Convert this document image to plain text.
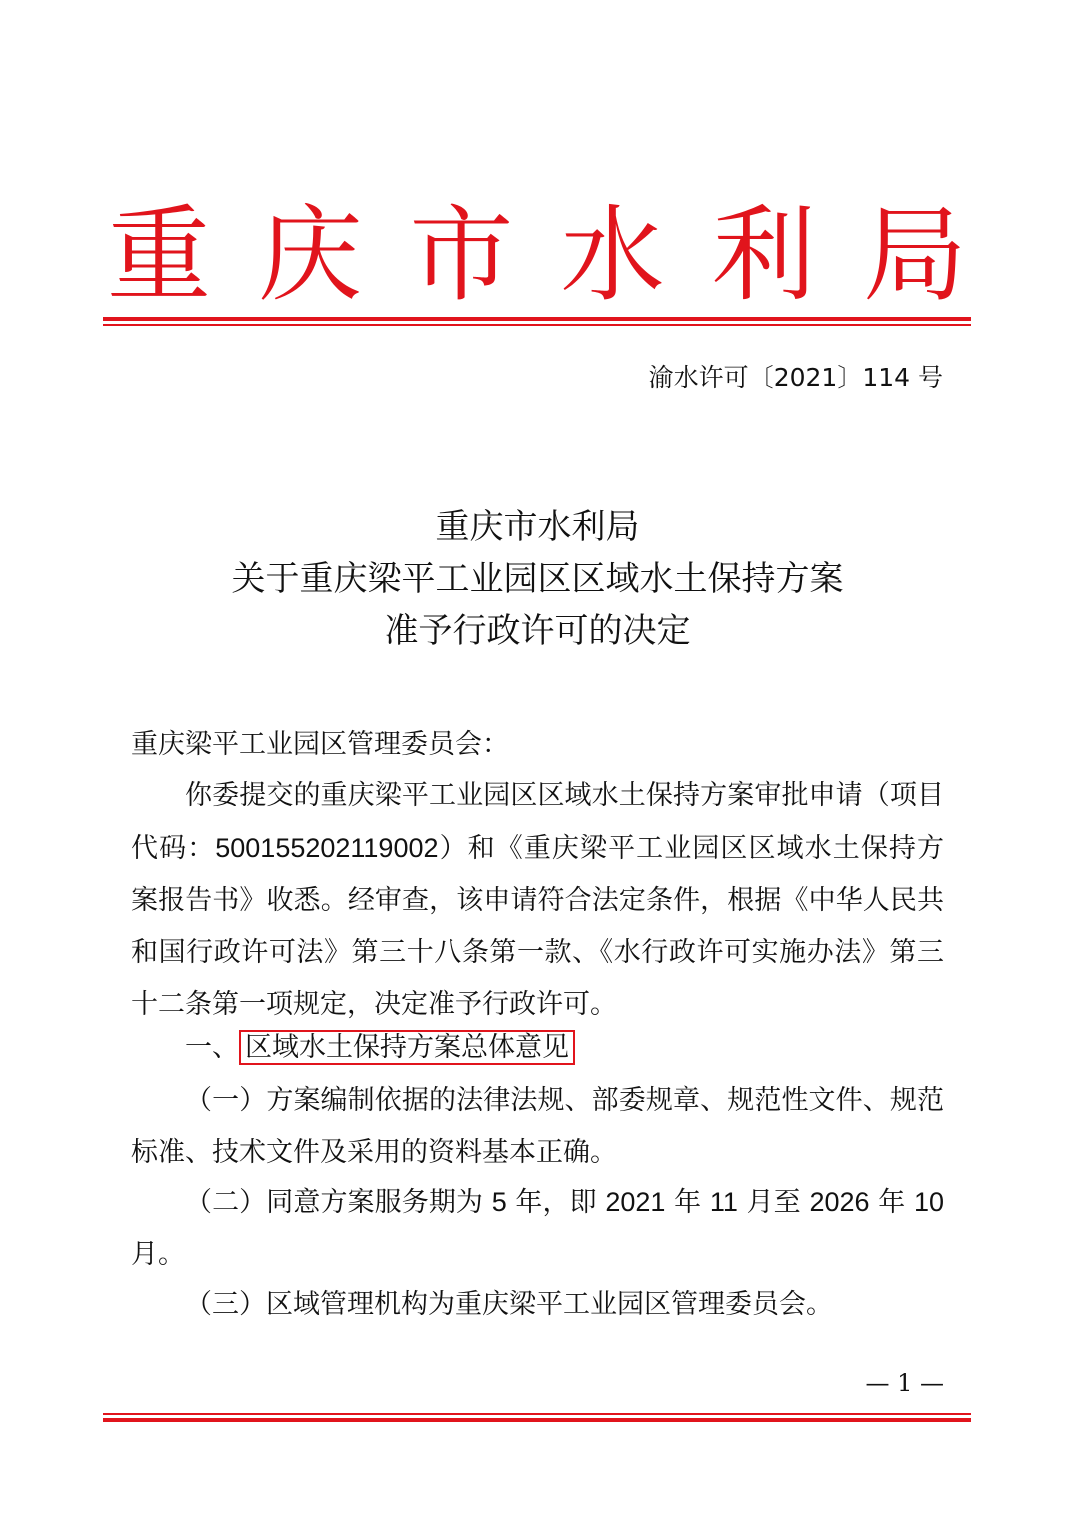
重 庆 市 水 利 局
渝水许可〔2021〕114 号
重庆市水利局
关于重庆梁平工业园区区域水土保持方案
准予行政许可的决定
重庆梁平工业园区管理委员会：
你委提交的重庆梁平工业园区区域水土保持方案审批申请（项目代码：500155202119002）和《重庆梁平工业园区区域水土保持方案报告书》收悉。经审查，该申请符合法定条件，根据《中华人民共和国行政许可法》第三十八条第一款、《水行政许可实施办法》第三十二条第一项规定，决定准予行政许可。
一、 区域水土保持方案总体意见
（一）方案编制依据的法律法规、部委规章、规范性文件、规范标准、技术文件及采用的资料基本正确。
（二）同意方案服务期为 5 年，即 2021 年 11 月至 2026 年 10 月。
（三）区域管理机构为重庆梁平工业园区管理委员会。
— 1 —
